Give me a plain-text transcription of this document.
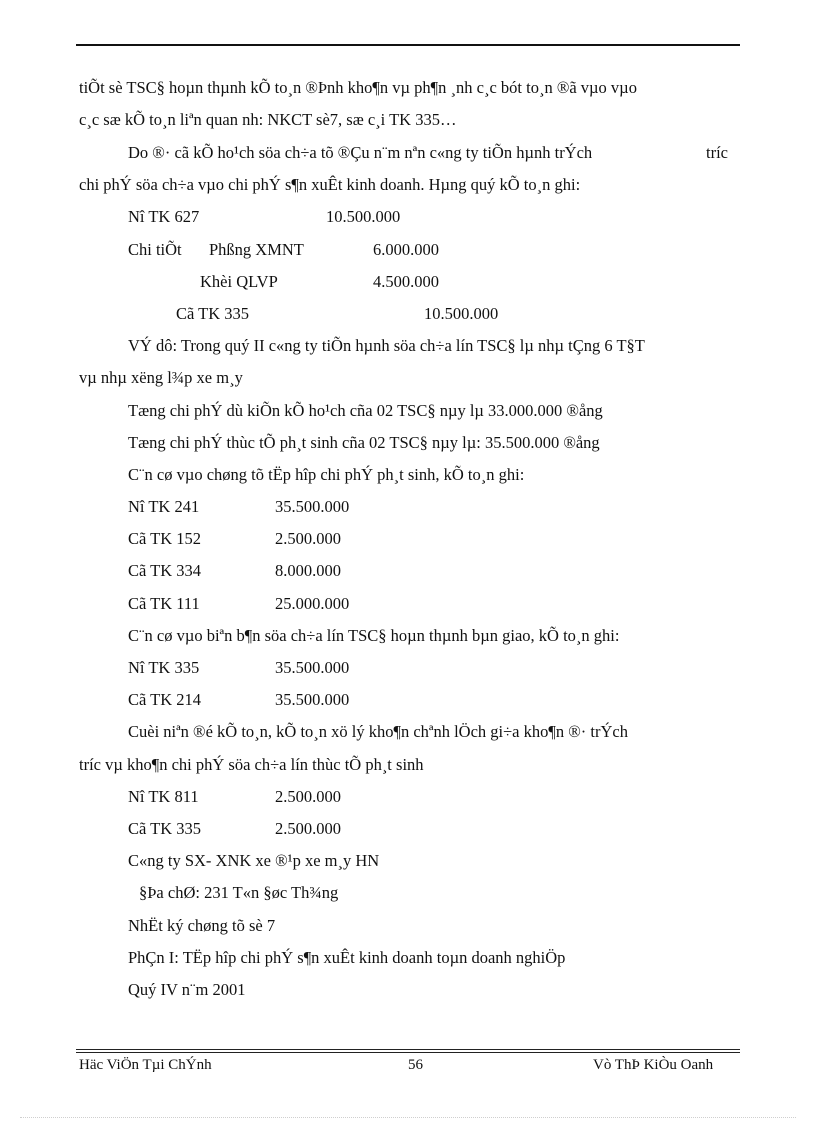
tiÕt sè TSC§ hoµn thµnh kÕ to¸n ®Þnh kho¶n vµ ph¶n ¸nh c¸c bót to¸n ®ã vµo vµo
c¸c sæ kÕ to¸n liªn quan nh: NKCT sè7, sæ c¸i TK 335…
Do ®· cã kÕ ho¹ch söa ch÷a tõ ®Çu n¨m nªn c«ng ty tiÕn hµnh trÝch	tríc
chi phÝ söa ch÷a vµo chi phÝ s¶n xuÊt kinh doanh. Hµng quý kÕ to¸n ghi:
Nî TK 627	10.500.000
Chi tiÕt Phßng XMNT	6.000.000
Khèi QLVP	4.500.000
Cã TK 335	10.500.000
VÝ dô: Trong quý II c«ng ty tiÕn hµnh söa ch÷a lín TSC§ lµ nhµ tÇng 6 T§T
vµ nhµ xëng l¾p xe m¸y
Tæng chi phÝ dù kiÕn kÕ ho¹ch cña 02 TSC§ nµy lµ 33.000.000 ®ång
Tæng chi phÝ thùc tÕ ph¸t sinh cña 02 TSC§ nµy lµ: 35.500.000 ®ång
C¨n cø vµo chøng tõ tËp hîp chi phÝ ph¸t sinh, kÕ to¸n ghi:
Nî TK 241	35.500.000
Cã TK 152	2.500.000
Cã TK 334	8.000.000
Cã TK 111	25.000.000
C¨n cø vµo biªn b¶n söa ch÷a lín TSC§ hoµn thµnh bµn giao, kÕ to¸n ghi:
Nî TK 335	35.500.000
Cã TK 214	35.500.000
Cuèi niªn ®é kÕ to¸n, kÕ to¸n xö lý kho¶n chªnh lÖch gi÷a kho¶n ®· trÝch
tríc vµ kho¶n chi phÝ söa ch÷a lín thùc tÕ ph¸t sinh
Nî TK 811	2.500.000
Cã TK 335	2.500.000
C«ng ty SX- XNK xe ®¹p xe m¸y HN
§Þa chØ: 231 T«n §øc Th¾ng
NhËt ký chøng tõ sè 7
PhÇn I: TËp hîp chi phÝ s¶n xuÊt kinh doanh toµn doanh nghiÖp
Quý IV n¨m 2001
Häc ViÖn Tµi ChÝnh	56	Vò ThÞ KiÒu Oanh
